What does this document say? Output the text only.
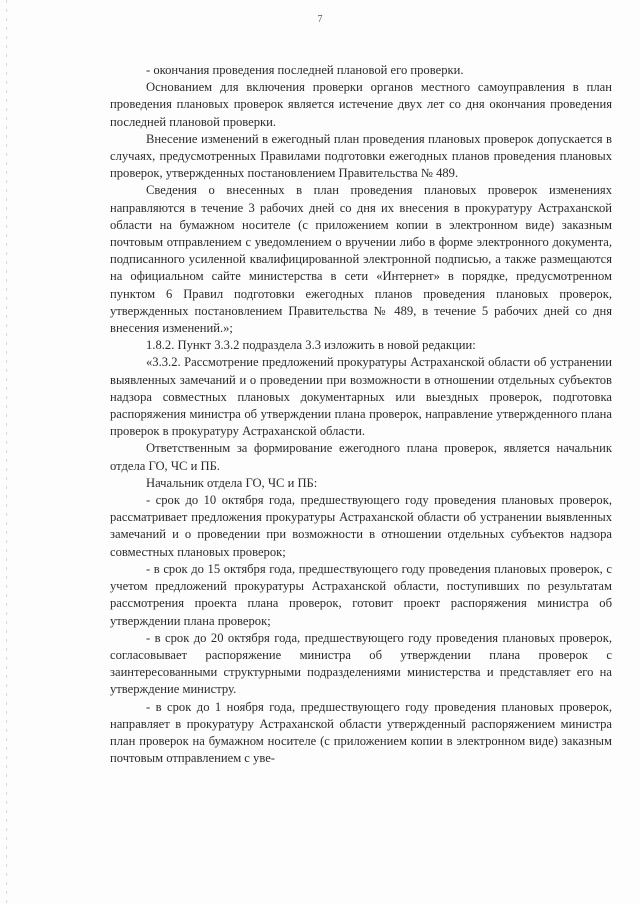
7

- окончания проведения последней плановой его проверки.

Основанием для включения проверки органов местного самоуправления в план проведения плановых проверок является истечение двух лет со дня окончания проведения последней плановой проверки.

Внесение изменений в ежегодный план проведения плановых проверок допускается в случаях, предусмотренных Правилами подготовки ежегодных планов проведения плановых проверок, утвержденных постановлением Правительства № 489.

Сведения о внесенных в план проведения плановых проверок изменениях направляются в течение 3 рабочих дней со дня их внесения в прокуратуру Астраханской области на бумажном носителе (с приложением копии в электронном виде) заказным почтовым отправлением с уведомлением о вручении либо в форме электронного документа, подписанного усиленной квалифицированной электронной подписью, а также размещаются на официальном сайте министерства в сети «Интернет» в порядке, предусмотренном пунктом 6 Правил подготовки ежегодных планов проведения плановых проверок, утвержденных постановлением Правительства № 489, в течение 5 рабочих дней со дня внесения изменений.»;

1.8.2. Пункт 3.3.2 подраздела 3.3 изложить в новой редакции:

«3.3.2. Рассмотрение предложений прокуратуры Астраханской области об устранении выявленных замечаний и о проведении при возможности в отношении отдельных субъектов надзора совместных плановых документарных или выездных проверок, подготовка распоряжения министра об утверждении плана проверок, направление утвержденного плана проверок в прокуратуру Астраханской области.

Ответственным за формирование ежегодного плана проверок, является начальник отдела ГО, ЧС и ПБ.

Начальник отдела ГО, ЧС и ПБ:

- срок до 10 октября года, предшествующего году проведения плановых проверок, рассматривает предложения прокуратуры Астраханской области об устранении выявленных замечаний и о проведении при возможности в отношении отдельных субъектов надзора совместных плановых проверок;

- в срок до 15 октября года, предшествующего году проведения плановых проверок, с учетом предложений прокуратуры Астраханской области, поступивших по результатам рассмотрения проекта плана проверок, готовит проект распоряжения министра об утверждении плана проверок;

- в срок до 20 октября года, предшествующего году проведения плановых проверок, согласовывает распоряжение министра об утверждении плана проверок с заинтересованными структурными подразделениями министерства и представляет его на утверждение министру.

- в срок до 1 ноября года, предшествующего году проведения плановых проверок, направляет в прокуратуру Астраханской области утвержденный распоряжением министра план проверок на бумажном носителе (с приложением копии в электронном виде) заказным почтовым отправлением с уве-
